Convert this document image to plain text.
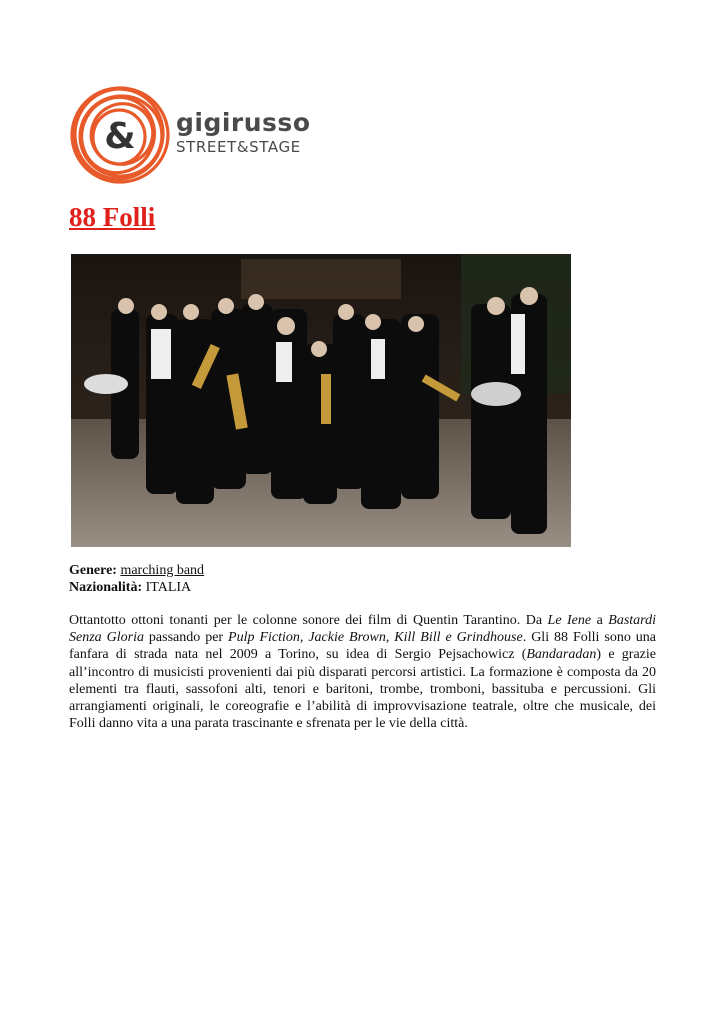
& gigirusso
STREET&STAGE
88 Folli
Genere: marching band
Nazionalità: ITALIA

Ottantotto ottoni tonanti per le colonne sonore dei film di Quentin Tarantino. Da Le Iene a Bastardi Senza Gloria passando per Pulp Fiction, Jackie Brown, Kill Bill e Grindhouse. Gli 88 Folli sono una fanfara di strada nata nel 2009 a Torino, su idea di Sergio Pejsachowicz (Bandaradan) e grazie all’incontro di musicisti provenienti dai più disparati percorsi artistici. La formazione è composta da 20 elementi tra flauti, sassofoni alti, tenori e baritoni, trombe, tromboni, bassituba e percussioni. Gli arrangiamenti originali, le coreografie e l’abilità di improvvisazione teatrale, oltre che musicale, dei Folli danno vita a una parata trascinante e sfrenata per le vie della città.
